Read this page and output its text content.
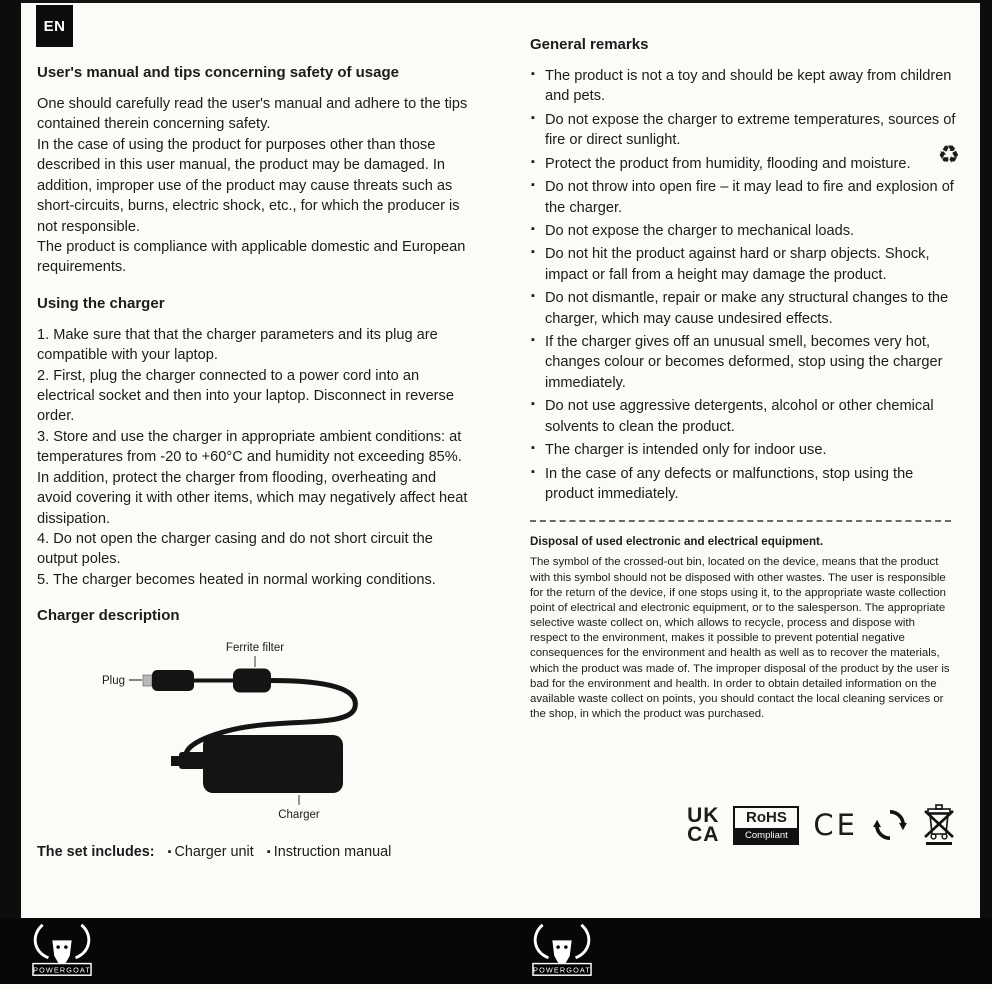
EN
User's manual and tips concerning safety of usage

One should carefully read the user's manual and adhere to the tips contained therein concerning safety.

In the case of using the product for purposes other than those described in this user manual, the product may be damaged. In addition, improper use of the product may cause threats such as short-circuits, burns, electric shock, etc., for which the producer is not responsible.

The product is compliance with applicable domestic and European requirements.

Using the charger

1. Make sure that that the charger parameters and its plug are compatible with your laptop.

2. First, plug the charger connected to a power cord into an electrical socket and then into your laptop. Disconnect in reverse order.

3. Store and use the charger in appropriate ambient conditions: at temperatures from -20 to +60°C and humidity not exceeding 85%. In addition, protect the charger from flooding, overheating and avoid covering it with other items, which may negatively affect heat dissipation.

4. Do not open the charger casing and do not short circuit the output poles.

5. The charger becomes heated in normal working conditions.

Charger description
Ferrite filter
Plug
Charger
The set includes: ▪ Charger unit ▪ Instruction manual
♻
General remarks
▪ The product is not a toy and should be kept away from children and pets.
▪ Do not expose the charger to extreme temperatures, sources of fire or direct sunlight.
▪ Protect the product from humidity, flooding and moisture.
▪ Do not throw into open fire – it may lead to fire and explosion of the charger.
▪ Do not expose the charger to mechanical loads.
▪ Do not hit the product against hard or sharp objects. Shock, impact or fall from a height may damage the product.
▪ Do not dismantle, repair or make any structural changes to the charger, which may cause undesired effects.
▪ If the charger gives off an unusual smell, becomes very hot, changes colour or becomes deformed, stop using the charger immediately.
▪ Do not use aggressive detergents, alcohol or other chemical solvents to clean the product.
▪ The charger is intended only for indoor use.
▪ In the case of any defects or malfunctions, stop using the product immediately.
Disposal of used electronic and electrical equipment.

The symbol of the crossed-out bin, located on the device, means that the product with this symbol should not be disposed with other wastes. The user is responsible for the return of the device, if one stops using it, to the appropriate waste collection point of electrical and electronic equipment, or to the salesperson. The appropriate selective waste collect on, which allows to recycle, process and dispose with respect to the environment, makes it possible to prevent potential negative consequences for the environment and health as well as to recover the materials, which the product was made of. The improper disposal of the product by the user is bad for the environment and health. In order to obtain detailed information on the available waste collect on points, you should contact the local cleaning services or the shop, in which the product was purchased.

UK
CA
RoHS
Compliant CE
POWERGOAT	POWERGOAT
